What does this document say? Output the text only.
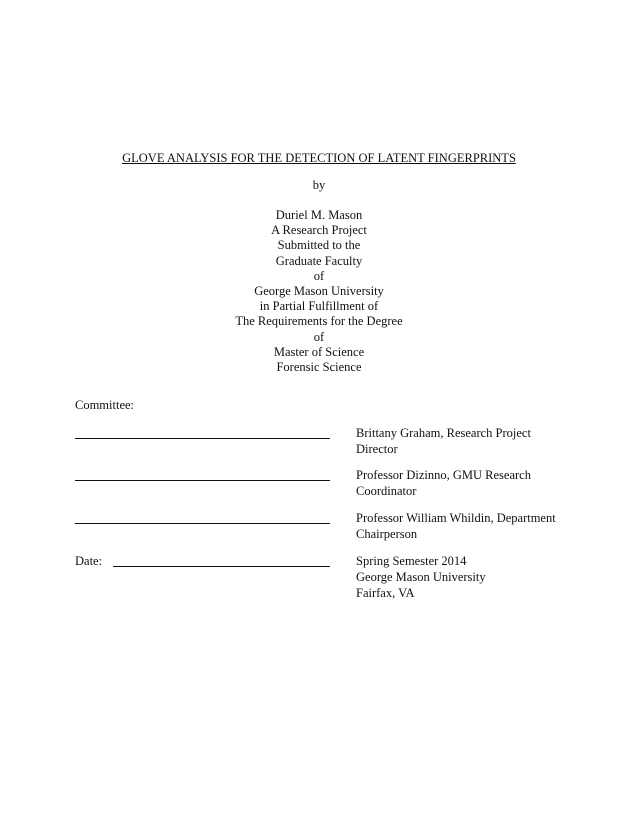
GLOVE ANALYSIS FOR THE DETECTION OF LATENT FINGERPRINTS
by
Duriel M. Mason
A Research Project
Submitted to the
Graduate Faculty
of
George Mason University
in Partial Fulfillment of
The Requirements for the Degree
of
Master of Science
Forensic Science
Committee:
Brittany Graham, Research Project
Director
Professor Dizinno, GMU Research
Coordinator
Professor William Whildin, Department
Chairperson
Date:	Spring Semester 2014
George Mason University
Fairfax, VA
